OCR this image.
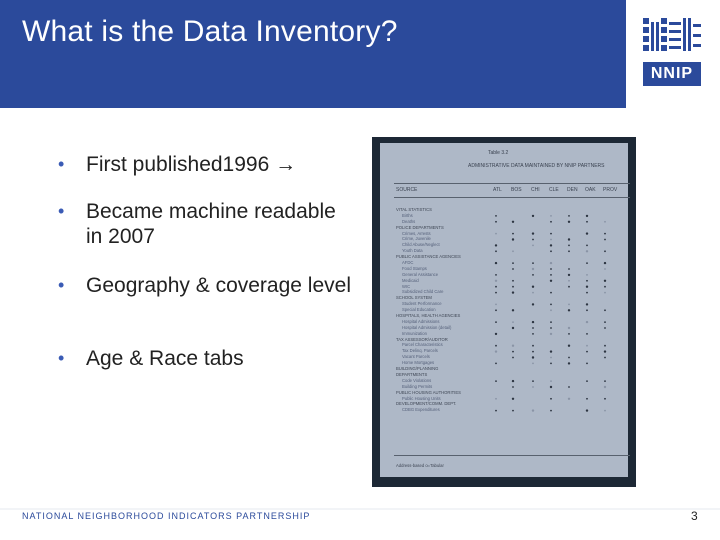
What is the Data Inventory?
NNIP
• First published1996 →
• Became machine readable in 2007
• Geography & coverage level
• Age & Race tabs
Table 3.2
ADMINISTRATIVE DATA MAINTAINED BY NNIP PARTNERS
SOURCE	ATL BOS CHI CLE DEN OAK PROV
VITAL STATISTICS
Births
Deaths
POLICE DEPARTMENTS
Crimes, Arrests
Crime, Juvenile
Child Abuse/Neglect
Youth Data
PUBLIC ASSISTANCE AGENCIES
AFDC
Food Stamps
General Assistance
Medicaid
WIC
Subsidized Child Care
SCHOOL SYSTEM
Student Performance
Special Education
HOSPITALS, HEALTH AGENCIES
Hospital Admissions
Hospital Admission (detail)
Immunization
TAX ASSESSOR/AUDITOR
Parcel Characteristics
Tax Delinq. Parcels
Vacant Parcels
Home Mortgages
BUILDING/PLANNING
DEPARTMENTS
Code Violations
Building Permits
PUBLIC HOUSING AUTHORITIES
Public Housing Units
DEVELOPMENT/COMM. DEPT.
CDBG Expenditures
Address-based o=Tabular
NATIONAL NEIGHBORHOOD INDICATORS PARTNERSHIP	3
